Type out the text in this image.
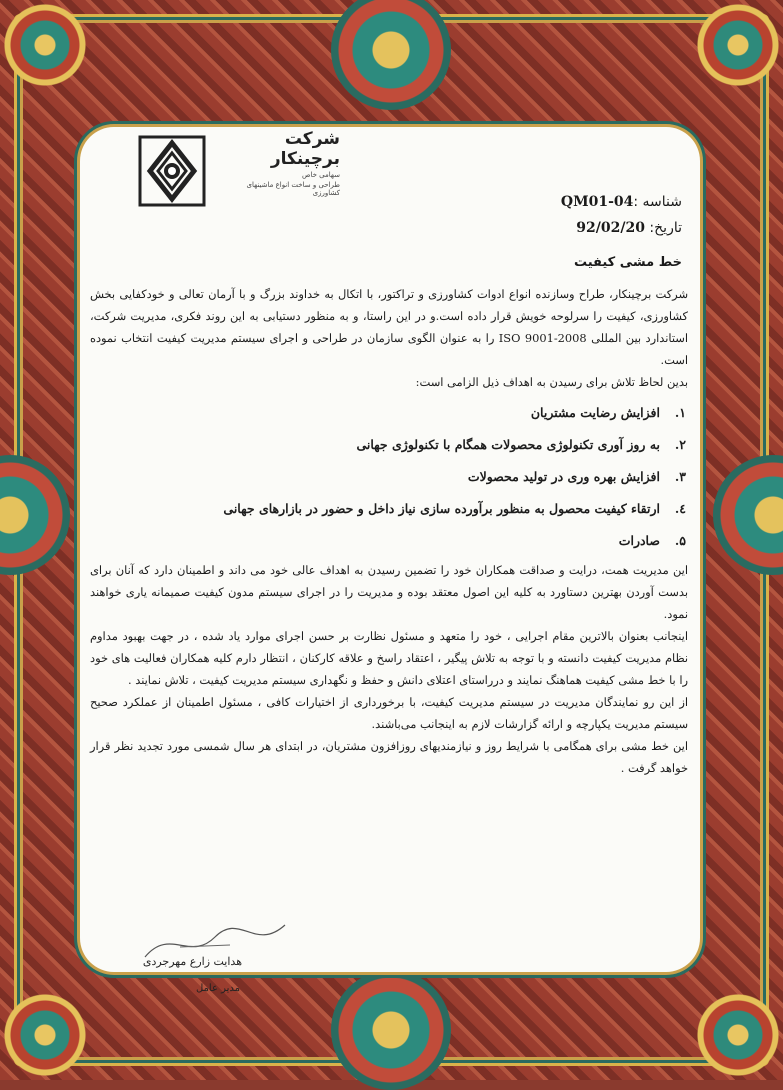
شرکت برچینکار
سهامی خاص
طراحی و ساخت انواع ماشینهای کشاورزی
شناسه :QM01-04
تاریخ: 92/02/20
خط مشی کیفیت

شرکت برچینکار، طراح وسازنده انواع ادوات کشاورزی و تراکتور، با اتکال به خداوند بزرگ و با آرمان تعالی و خودکفایی بخش کشاورزی، کیفیت را سرلوحه خویش قرار داده است.و در این راستا، و به منظور دستیابی به این روند فکری، مدیریت شرکت، استاندارد بین المللی ISO 9001-2008 را به عنوان الگوی سازمان در طراحی و اجرای سیستم مدیریت کیفیت انتخاب نموده است.

بدین لحاظ تلاش برای رسیدن به اهداف ذیل الزامی است:

۱.افزایش رضایت مشتریان
۲.به روز آوری تکنولوژی محصولات همگام با تکنولوژی جهانی
۳.افزایش بهره وری در تولید محصولات
٤.ارتقاء کیفیت محصول به منظور برآورده سازی نیاز داخل و حضور در بازارهای جهانی
۵.صادرات

این مدیریت همت، درایت و صداقت همکاران خود را تضمین رسیدن به اهداف عالی خود می داند و اطمینان دارد که آنان برای بدست آوردن بهترین دستاورد به کلیه این اصول معتقد بوده و مدیریت را در اجرای سیستم مدون کیفیت صمیمانه یاری خواهند نمود.

اینجانب بعنوان بالاترین مقام اجرایی ، خود را متعهد و مسئول نظارت بر حسن اجرای موارد یاد شده ، در جهت بهبود مداوم نظام مدیریت کیفیت دانسته و با توجه به تلاش پیگیر ، اعتقاد راسخ و علاقه کارکنان ، انتظار دارم کلیه همکاران فعالیت های خود را با خط مشی کیفیت هماهنگ نمایند و درراستای اعتلای دانش و حفظ و نگهداری سیستم مدیریت کیفیت ، تلاش نمایند .

از این رو نمایندگان مدیریت در سیستم مدیریت کیفیت، با برخورداری از اختیارات کافی ، مسئول اطمینان از عملکرد صحیح سیستم مدیریت یکپارچه و ارائه گزارشات لازم به اینجانب می‌باشند.

این خط مشی برای همگامی با شرایط روز و نیازمندیهای روزافزون مشتریان، در ابتدای هر سال شمسی مورد تجدید نظر قرار خواهد گرفت .

هدایت زارع مهرجردی
مدیر عامل
